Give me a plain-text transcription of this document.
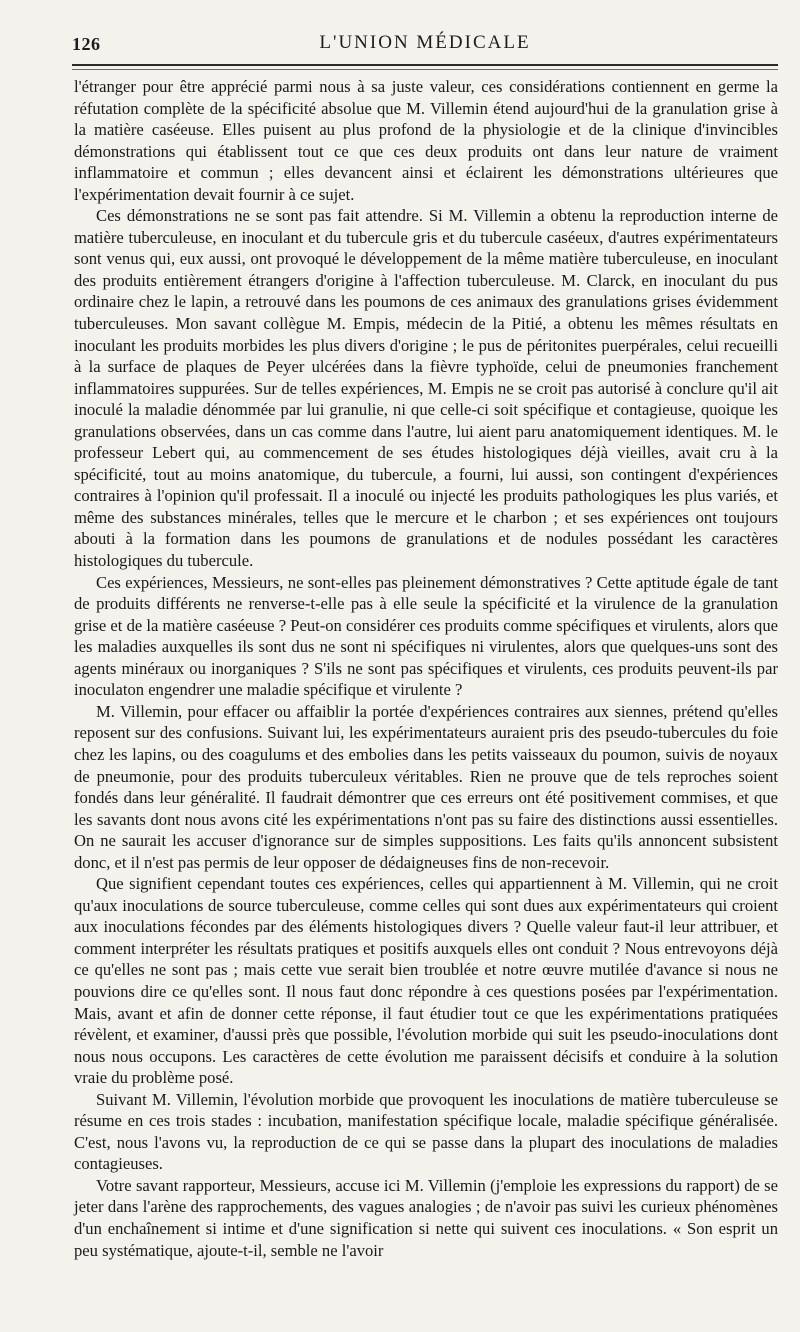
126	L'UNION MÉDICALE

l'étranger pour être apprécié parmi nous à sa juste valeur, ces considérations contiennent en germe la réfutation complète de la spécificité absolue que M. Villemin étend aujourd'hui de la granulation grise à la matière caséeuse. Elles puisent au plus profond de la physiologie et de la clinique d'invincibles démonstrations qui établissent tout ce que ces deux produits ont dans leur nature de vraiment inflammatoire et commun ; elles devancent ainsi et éclairent les démonstrations ultérieures que l'expérimentation devait fournir à ce sujet.

Ces démonstrations ne se sont pas fait attendre. Si M. Villemin a obtenu la reproduction interne de matière tuberculeuse, en inoculant et du tubercule gris et du tubercule caséeux, d'autres expérimentateurs sont venus qui, eux aussi, ont provoqué le développement de la même matière tuberculeuse, en inoculant des produits entièrement étrangers d'origine à l'affection tuberculeuse. M. Clarck, en inoculant du pus ordinaire chez le lapin, a retrouvé dans les poumons de ces animaux des granulations grises évidemment tuberculeuses. Mon savant collègue M. Empis, médecin de la Pitié, a obtenu les mêmes résultats en inoculant les produits morbides les plus divers d'origine ; le pus de péritonites puerpérales, celui recueilli à la surface de plaques de Peyer ulcérées dans la fièvre typhoïde, celui de pneumonies franchement inflammatoires suppurées. Sur de telles expériences, M. Empis ne se croit pas autorisé à conclure qu'il ait inoculé la maladie dénommée par lui granulie, ni que celle-ci soit spécifique et contagieuse, quoique les granulations observées, dans un cas comme dans l'autre, lui aient paru anatomiquement identiques. M. le professeur Lebert qui, au commencement de ses études histologiques déjà vieilles, avait cru à la spécificité, tout au moins anatomique, du tubercule, a fourni, lui aussi, son contingent d'expériences contraires à l'opinion qu'il professait. Il a inoculé ou injecté les produits pathologiques les plus variés, et même des substances minérales, telles que le mercure et le charbon ; et ses expériences ont toujours abouti à la formation dans les poumons de granulations et de nodules possédant les caractères histologiques du tubercule.

Ces expériences, Messieurs, ne sont-elles pas pleinement démonstratives ? Cette aptitude égale de tant de produits différents ne renverse-t-elle pas à elle seule la spécificité et la virulence de la granulation grise et de la matière caséeuse ? Peut-on considérer ces produits comme spécifiques et virulents, alors que les maladies auxquelles ils sont dus ne sont ni spécifiques ni virulentes, alors que quelques-uns sont des agents minéraux ou inorganiques ? S'ils ne sont pas spécifiques et virulents, ces produits peuvent-ils par inoculaton engendrer une maladie spécifique et virulente ?

M. Villemin, pour effacer ou affaiblir la portée d'expériences contraires aux siennes, prétend qu'elles reposent sur des confusions. Suivant lui, les expérimentateurs auraient pris des pseudo-tubercules du foie chez les lapins, ou des coagulums et des embolies dans les petits vaisseaux du poumon, suivis de noyaux de pneumonie, pour des produits tuberculeux véritables. Rien ne prouve que de tels reproches soient fondés dans leur généralité. Il faudrait démontrer que ces erreurs ont été positivement commises, et que les savants dont nous avons cité les expérimentations n'ont pas su faire des distinctions aussi essentielles. On ne saurait les accuser d'ignorance sur de simples suppositions. Les faits qu'ils annoncent subsistent donc, et il n'est pas permis de leur opposer de dédaigneuses fins de non-recevoir.

Que signifient cependant toutes ces expériences, celles qui appartiennent à M. Villemin, qui ne croit qu'aux inoculations de source tuberculeuse, comme celles qui sont dues aux expérimentateurs qui croient aux inoculations fécondes par des éléments histologiques divers ? Quelle valeur faut-il leur attribuer, et comment interpréter les résultats pratiques et positifs auxquels elles ont conduit ? Nous entrevoyons déjà ce qu'elles ne sont pas ; mais cette vue serait bien troublée et notre œuvre mutilée d'avance si nous ne pouvions dire ce qu'elles sont. Il nous faut donc répondre à ces questions posées par l'expérimentation. Mais, avant et afin de donner cette réponse, il faut étudier tout ce que les expérimentations pratiquées révèlent, et examiner, d'aussi près que possible, l'évolution morbide qui suit les pseudo-inoculations dont nous nous occupons. Les caractères de cette évolution me paraissent décisifs et conduire à la solution vraie du problème posé.

Suivant M. Villemin, l'évolution morbide que provoquent les inoculations de matière tuberculeuse se résume en ces trois stades : incubation, manifestation spécifique locale, maladie spécifique généralisée. C'est, nous l'avons vu, la reproduction de ce qui se passe dans la plupart des inoculations de maladies contagieuses.

Votre savant rapporteur, Messieurs, accuse ici M. Villemin (j'emploie les expressions du rapport) de se jeter dans l'arène des rapprochements, des vagues analogies ; de n'avoir pas suivi les curieux phénomènes d'un enchaînement si intime et d'une signification si nette qui suivent ces inoculations. « Son esprit un peu systématique, ajoute-t-il, semble ne l'avoir
